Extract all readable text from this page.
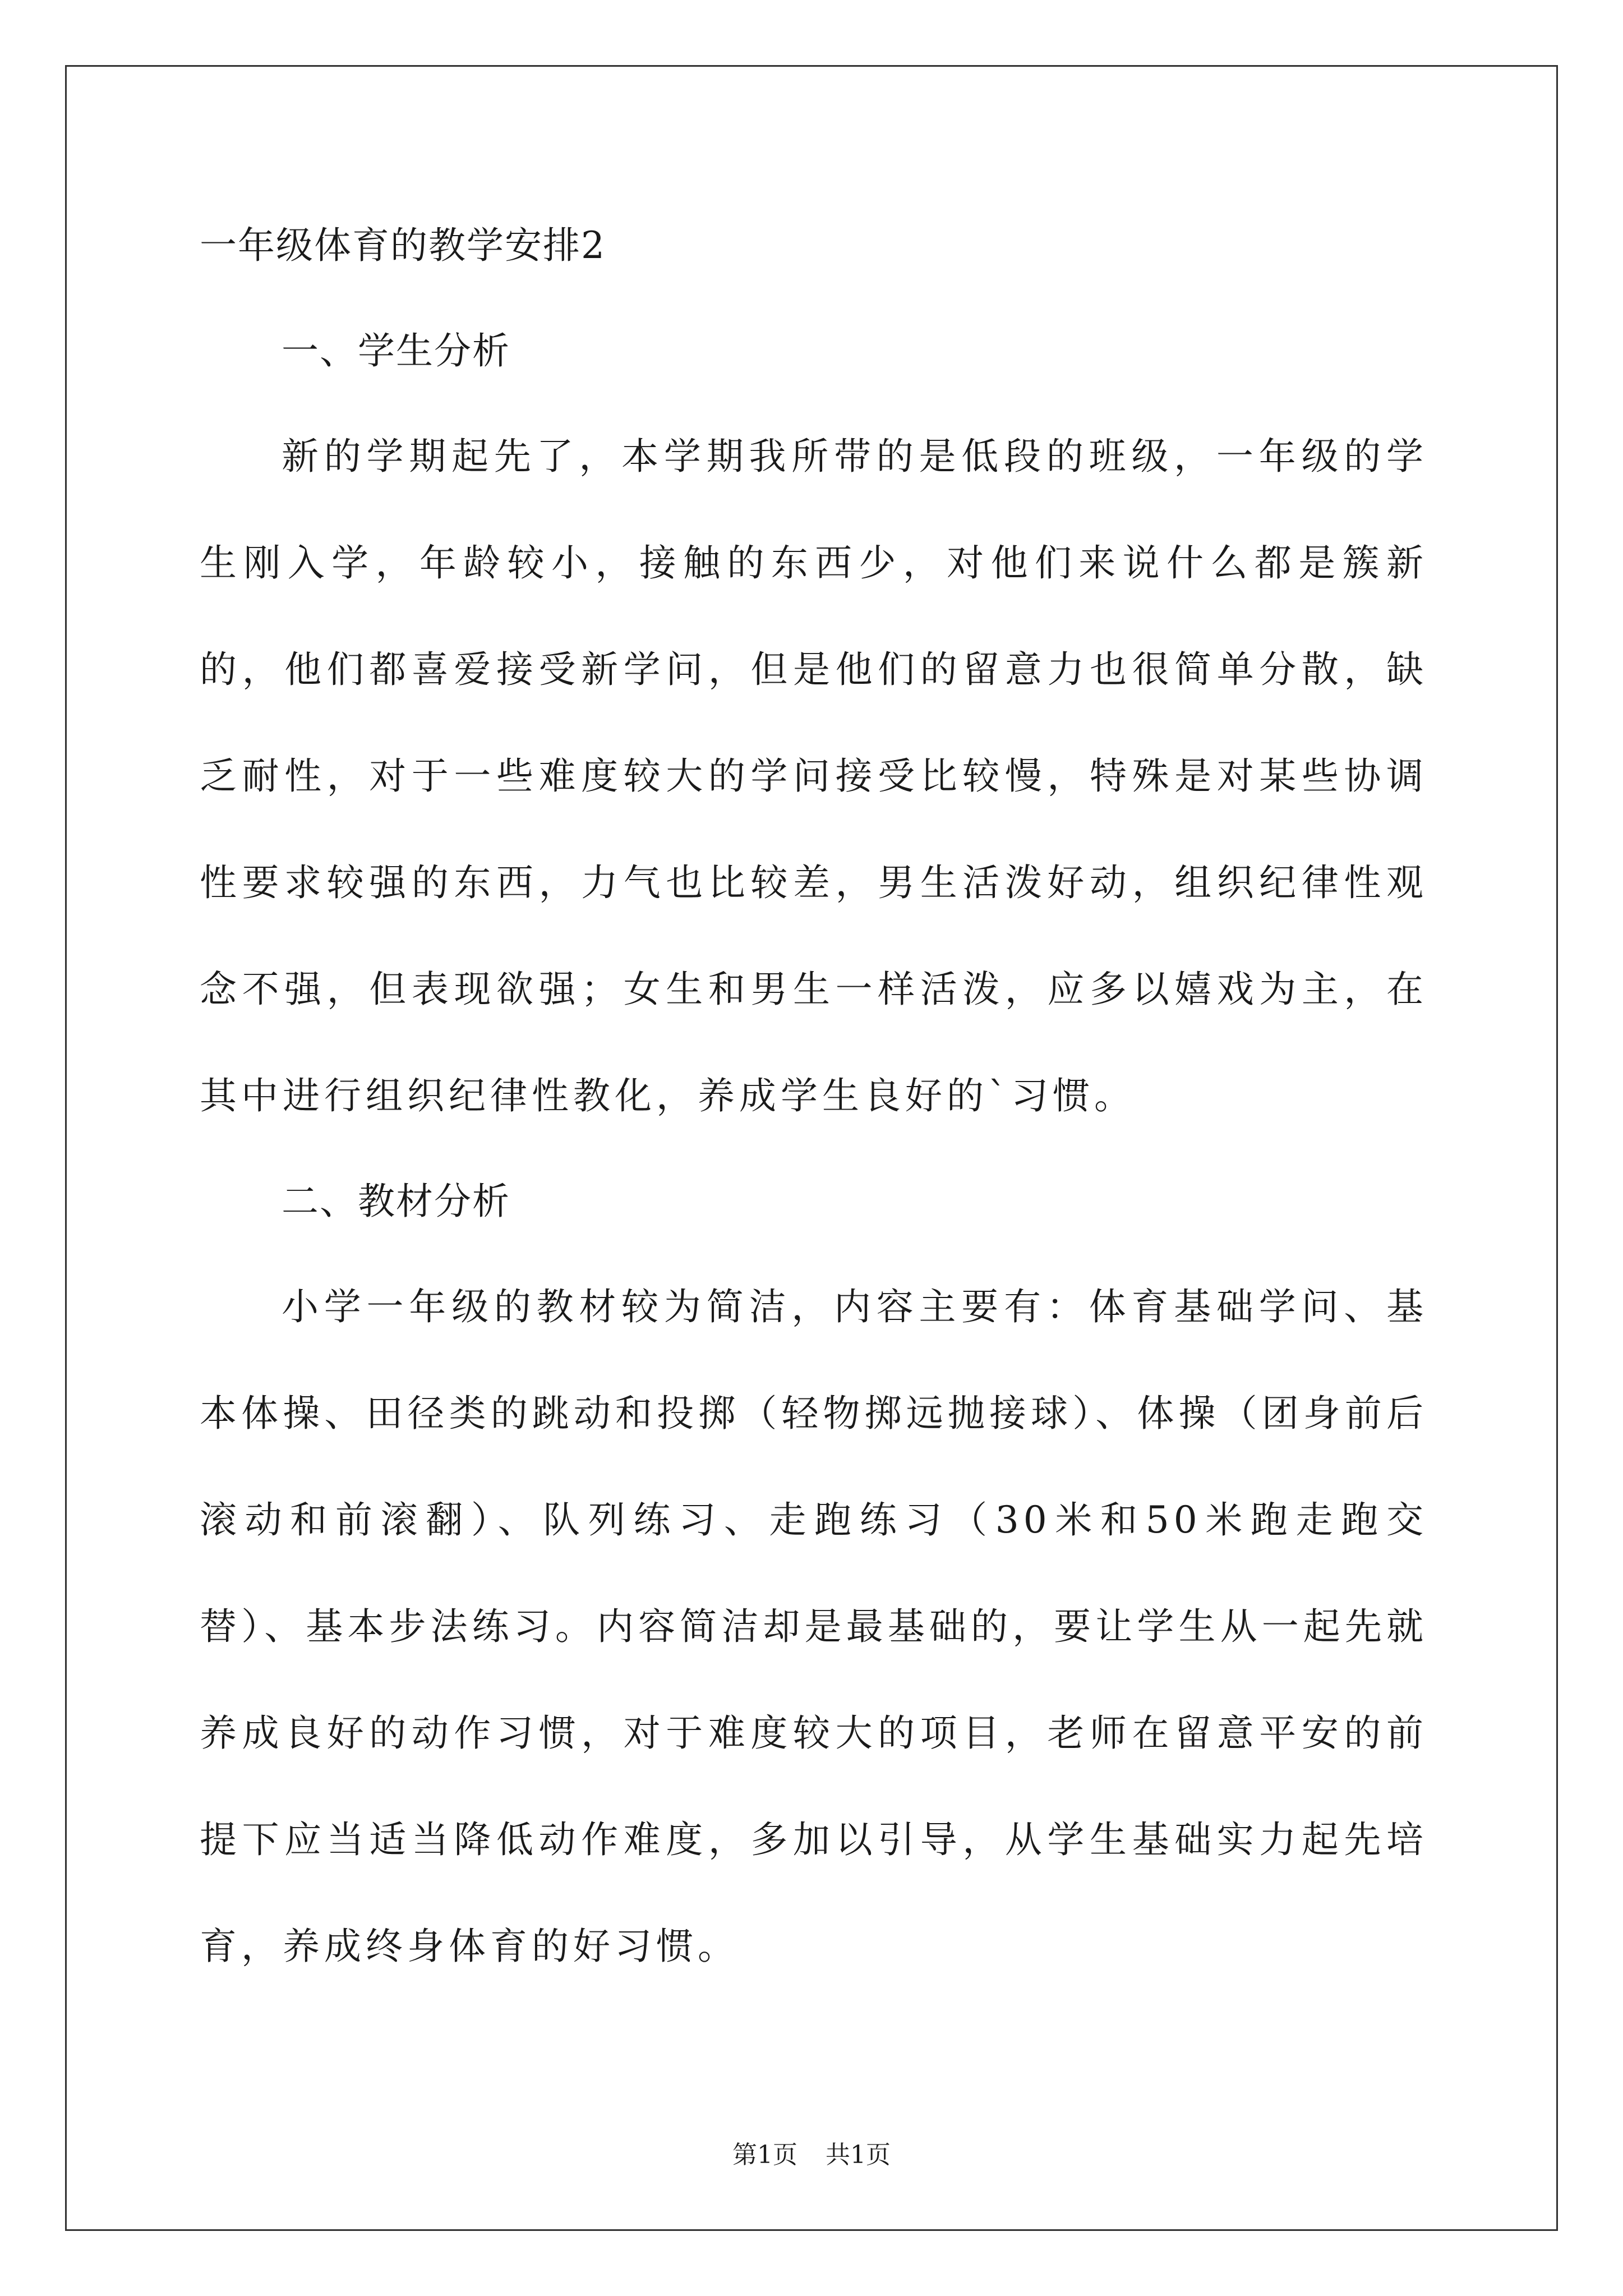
一年级体育的教学安排2
一、学生分析

新的学期起先了，本学期我所带的是低段的班级，一年级的学生刚入学，年龄较小，接触的东西少，对他们来说什么都是簇新的，他们都喜爱接受新学问，但是他们的留意力也很简单分散，缺乏耐性，对于一些难度较大的学问接受比较慢，特殊是对某些协调性要求较强的东西，力气也比较差，男生活泼好动，组织纪律性观念不强，但表现欲强；女生和男生一样活泼，应多以嬉戏为主，在其中进行组织纪律性教化，养成学生良好的`习惯。

二、教材分析

小学一年级的教材较为简洁，内容主要有：体育基础学问、基本体操、田径类的跳动和投掷（轻物掷远抛接球）、体操（团身前后滚动和前滚翻）、队列练习、走跑练习（30米和50米跑走跑交替）、基本步法练习。内容简洁却是最基础的，要让学生从一起先就养成良好的动作习惯，对于难度较大的项目，老师在留意平安的前提下应当适当降低动作难度，多加以引导，从学生基础实力起先培育，养成终身体育的好习惯。

第1页 共1页
